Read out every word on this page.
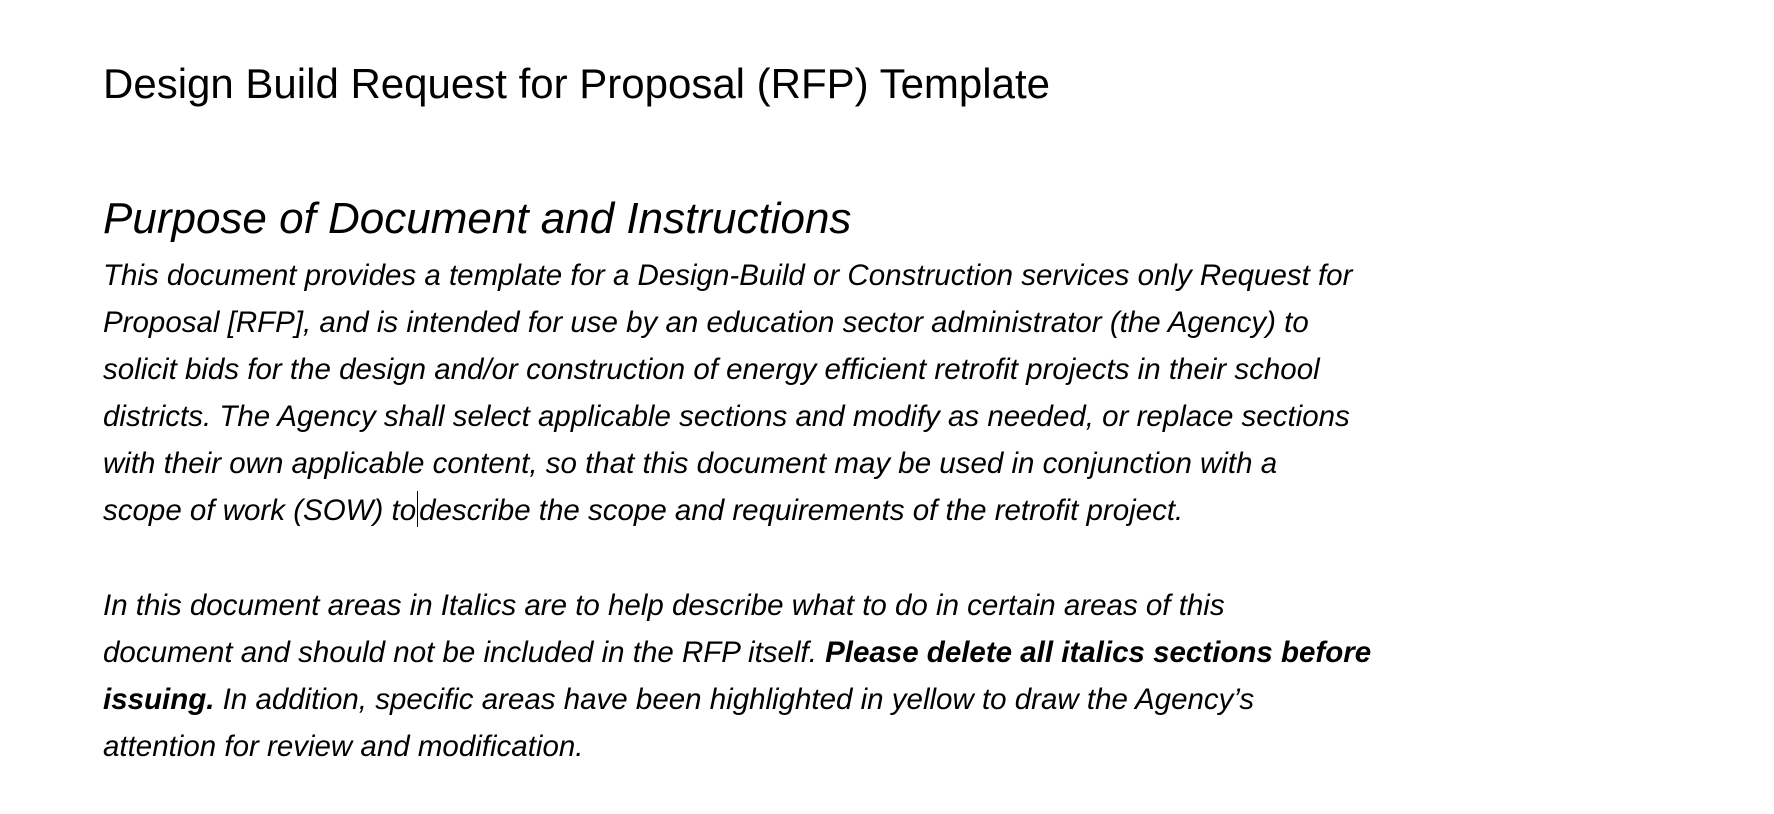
Design Build Request for Proposal (RFP) Template
Purpose of Document and Instructions

This document provides a template for a Design-Build or Construction services only Request for
Proposal [RFP], and is intended for use by an education sector administrator (the Agency) to
solicit bids for the design and/or construction of energy efficient retrofit projects in their school
districts. The Agency shall select applicable sections and modify as needed, or replace sections
with their own applicable content, so that this document may be used in conjunction with a
scope of work (SOW) to describe the scope and requirements of the retrofit project.

In this document areas in Italics are to help describe what to do in certain areas of this
document and should not be included in the RFP itself. Please delete all italics sections before
issuing. In addition, specific areas have been highlighted in yellow to draw the Agency’s
attention for review and modification.
